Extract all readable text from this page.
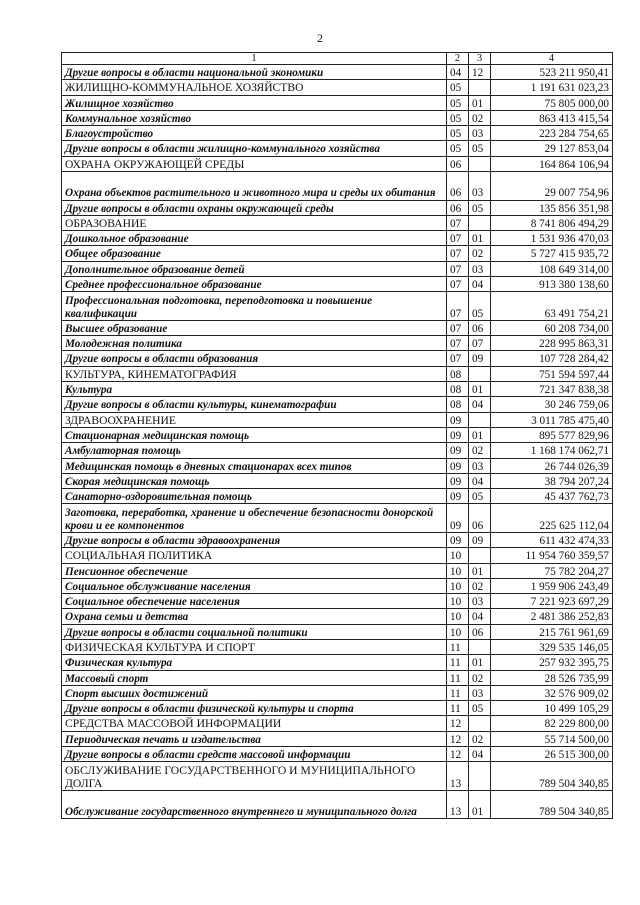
2
1	2	3	4
Другие вопросы в области национальной экономики	04	12	523 211 950,41
ЖИЛИЩНО-КОММУНАЛЬНОЕ ХОЗЯЙСТВО	05		1 191 631 023,23
Жилищное хозяйство	05	01	75 805 000,00
Коммунальное хозяйство	05	02	863 413 415,54
Благоустройство	05	03	223 284 754,65
Другие вопросы в области жилищно-коммунального хозяйства	05	05	29 127 853,04
ОХРАНА ОКРУЖАЮЩЕЙ СРЕДЫ	06		164 864 106,94
Охрана объектов растительного и животного мира и среды их обитания	06	03	29 007 754,96
Другие вопросы в области охраны окружающей среды	06	05	135 856 351,98
ОБРАЗОВАНИЕ	07		8 741 806 494,29
Дошкольное образование	07	01	1 531 936 470,03
Общее образование	07	02	5 727 415 935,72
Дополнительное образование детей	07	03	108 649 314,00
Среднее профессиональное образование	07	04	913 380 138,60
Профессиональная подготовка, переподготовка и повышение квалификации	07	05	63 491 754,21
Высшее образование	07	06	60 208 734,00
Молодежная политика	07	07	228 995 863,31
Другие вопросы в области образования	07	09	107 728 284,42
КУЛЬТУРА, КИНЕМАТОГРАФИЯ	08		751 594 597,44
Культура	08	01	721 347 838,38
Другие вопросы в области культуры, кинематографии	08	04	30 246 759,06
ЗДРАВООХРАНЕНИЕ	09		3 011 785 475,40
Стационарная медицинская помощь	09	01	895 577 829,96
Амбулаторная помощь	09	02	1 168 174 062,71
Медицинская помощь в дневных стационарах всех типов	09	03	26 744 026,39
Скорая медицинская помощь	09	04	38 794 207,24
Санаторно-оздоровительная помощь	09	05	45 437 762,73
Заготовка, переработка, хранение и обеспечение безопасности донорской крови и ее компонентов	09	06	225 625 112,04
Другие вопросы в области здравоохранения	09	09	611 432 474,33
СОЦИАЛЬНАЯ ПОЛИТИКА	10		11 954 760 359,57
Пенсионное обеспечение	10	01	75 782 204,27
Социальное обслуживание населения	10	02	1 959 906 243,49
Социальное обеспечение населения	10	03	7 221 923 697,29
Охрана семьи и детства	10	04	2 481 386 252,83
Другие вопросы в области социальной политики	10	06	215 761 961,69
ФИЗИЧЕСКАЯ КУЛЬТУРА И СПОРТ	11		329 535 146,05
Физическая культура	11	01	257 932 395,75
Массовый спорт	11	02	28 526 735,99
Спорт высших достижений	11	03	32 576 909,02
Другие вопросы в области физической культуры и спорта	11	05	10 499 105,29
СРЕДСТВА МАССОВОЙ ИНФОРМАЦИИ	12		82 229 800,00
Периодическая печать и издательства	12	02	55 714 500,00
Другие вопросы в области средств массовой информации	12	04	26 515 300,00
ОБСЛУЖИВАНИЕ ГОСУДАРСТВЕННОГО И МУНИЦИПАЛЬНОГО ДОЛГА	13		789 504 340,85
Обслуживание государственного внутреннего и муниципального долга	13	01	789 504 340,85
